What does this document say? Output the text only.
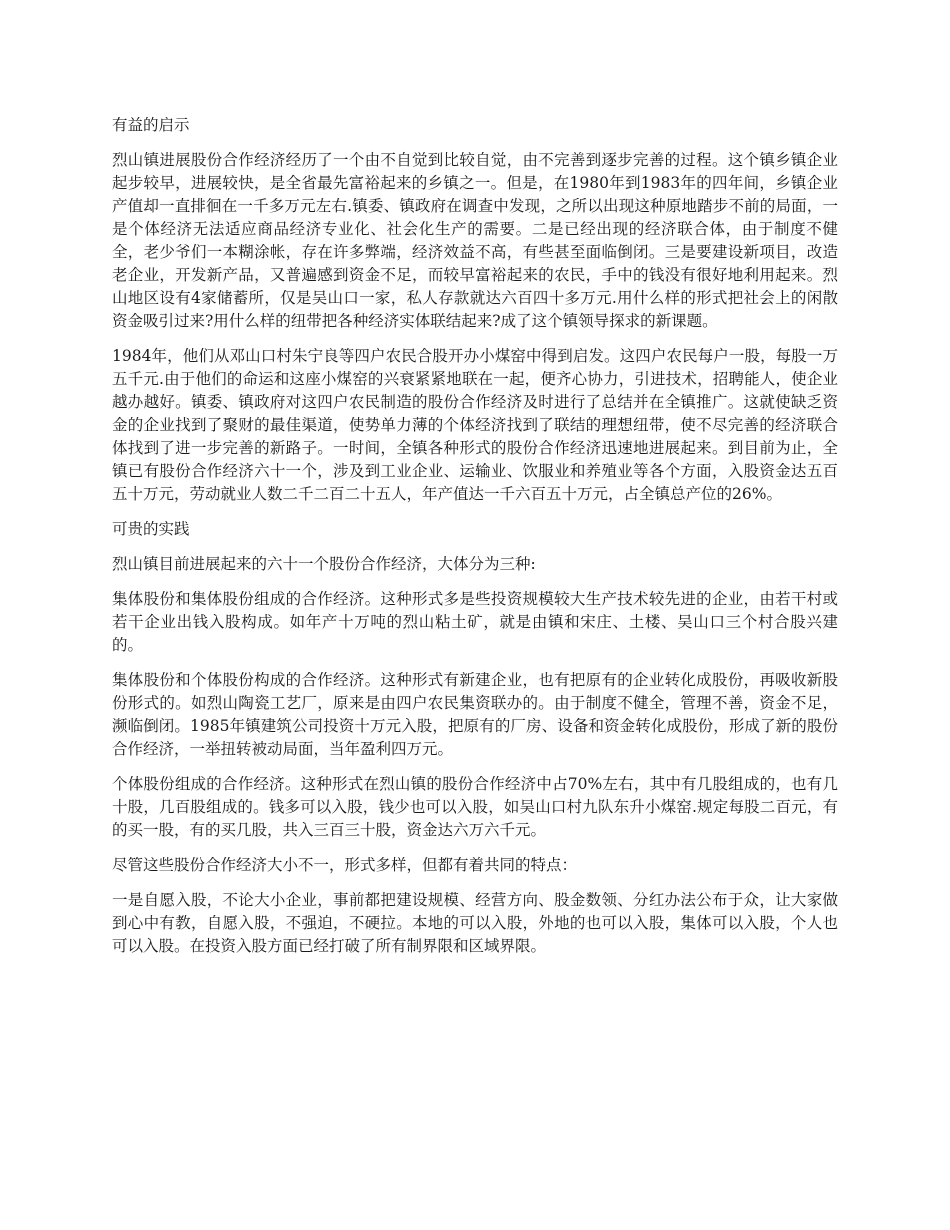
有益的启示

烈山镇进展股份合作经济经历了一个由不自觉到比较自觉，由不完善到逐步完善的过程。这个镇乡镇企业起步较早，进展较快，是全省最先富裕起来的乡镇之一。但是，在1980年到1983年的四年间，乡镇企业产值却一直排徊在一千多万元左右.镇委、镇政府在调查中发现，之所以出现这种原地踏步不前的局面，一是个体经济无法适应商品经济专业化、社会化生产的需要。二是已经出现的经济联合体，由于制度不健全，老少爷们一本糊涂帐，存在许多弊端，经济效益不高，有些甚至面临倒闭。三是要建设新项目，改造老企业，开发新产品，又普遍感到资金不足，而较早富裕起来的农民，手中的钱没有很好地利用起来。烈山地区设有4家储蓄所，仅是吴山口一家，私人存款就达六百四十多万元.用什么样的形式把社会上的闲散资金吸引过来?用什么样的纽带把各种经济实体联结起来?成了这个镇领导探求的新课题。

1984年，他们从邓山口村朱宁良等四户农民合股开办小煤窑中得到启发。这四户农民每户一股，每股一万五千元.由于他们的命运和这座小煤窑的兴衰紧紧地联在一起，便齐心协力，引进技术，招聘能人，使企业越办越好。镇委、镇政府对这四户农民制造的股份合作经济及时进行了总结并在全镇推广。这就使缺乏资金的企业找到了聚财的最佳渠道，使势单力薄的个体经济找到了联结的理想纽带，使不尽完善的经济联合体找到了进一步完善的新路子。一时间，全镇各种形式的股份合作经济迅速地进展起来。到目前为止，全镇已有股份合作经济六十一个，涉及到工业企业、运输业、饮服业和养殖业等各个方面，入股资金达五百五十万元，劳动就业人数二千二百二十五人，年产值达一千六百五十万元，占全镇总产位的26%。

可贵的实践

烈山镇目前进展起来的六十一个股份合作经济，大体分为三种:

集体股份和集体股份组成的合作经济。这种形式多是些投资规模较大生产技术较先进的企业，由若干村或若干企业出钱入股构成。如年产十万吨的烈山粘土矿，就是由镇和宋庄、土楼、吴山口三个村合股兴建的。

集体股份和个体股份构成的合作经济。这种形式有新建企业，也有把原有的企业转化成股份，再吸收新股份形式的。如烈山陶瓷工艺厂，原来是由四户农民集资联办的。由于制度不健全，管理不善，资金不足，濒临倒闭。1985年镇建筑公司投资十万元入股，把原有的厂房、设备和资金转化成股份，形成了新的股份合作经济，一举扭转被动局面，当年盈利四万元。

个体股份组成的合作经济。这种形式在烈山镇的股份合作经济中占70%左右，其中有几股组成的，也有几十股，几百股组成的。钱多可以入股，钱少也可以入股，如吴山口村九队东升小煤窑.规定每股二百元，有的买一股，有的买几股，共入三百三十股，资金达六万六千元。

尽管这些股份合作经济大小不一，形式多样，但都有着共同的特点：

一是自愿入股，不论大小企业，事前都把建设规模、经营方向、股金数领、分红办法公布于众，让大家做到心中有教，自愿入股，不强迫，不硬拉。本地的可以入股，外地的也可以入股，集体可以入股，个人也可以入股。在投资入股方面已经打破了所有制界限和区域界限。
